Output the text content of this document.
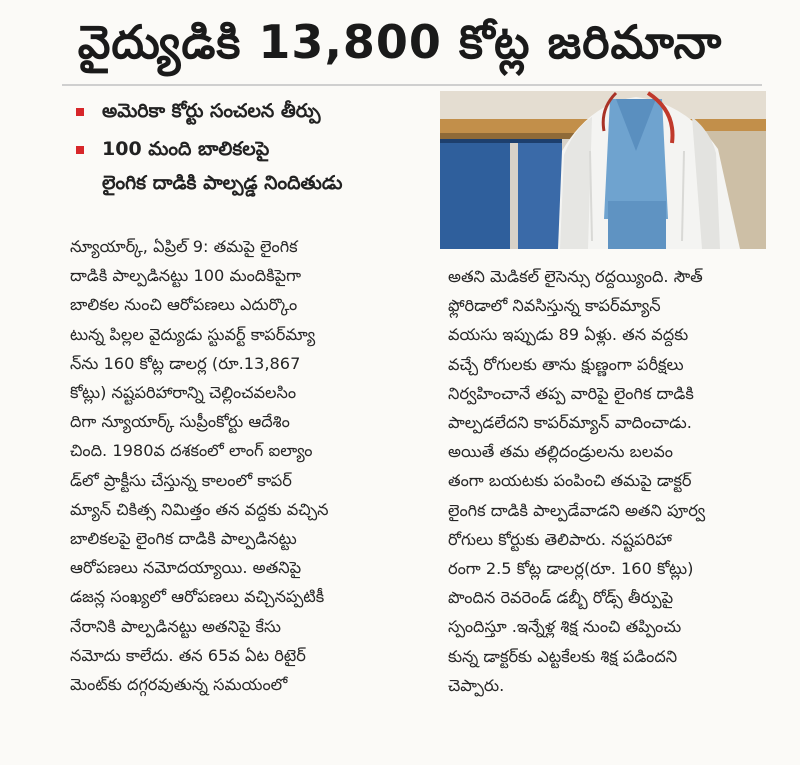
వైద్యుడికి 13,800 కోట్ల జరిమానా
అమెరికా కోర్టు సంచలన తీర్పు
100 మంది బాలికలపై
లైంగిక దాడికి పాల్పడ్డ నిందితుడు
న్యూయార్క్, ఏప్రిల్ 9: తమపై లైంగిక
దాడికి పాల్పడినట్టు 100 మందికిపైగా
బాలికల నుంచి ఆరోపణలు ఎదుర్కొం
టున్న పిల్లల వైద్యుడు స్టువర్ట్ కాపర్‌మ్యా
న్‌ను 160 కోట్ల డాలర్ల (రూ.13,867
కోట్లు) నష్టపరిహారాన్ని చెల్లించవలసిం
దిగా న్యూయార్క్ సుప్రీంకోర్టు ఆదేశిం
చింది. 1980వ దశకంలో లాంగ్ ఐల్యాం
డ్‌లో ప్రాక్టీసు చేస్తున్న కాలంలో కాపర్
మ్యాన్ చికిత్స నిమిత్తం తన వద్దకు వచ్చిన
బాలికలపై లైంగిక దాడికి పాల్పడినట్టు
ఆరోపణలు నమోదయ్యాయి. అతనిపై
డజన్ల సంఖ్యలో ఆరోపణలు వచ్చినప్పటికీ
నేరానికి పాల్పడినట్టు అతనిపై కేసు
నమోదు కాలేదు. తన 65వ ఏట రిటైర్
మెంట్‌కు దగ్గరవుతున్న సమయంలో
అతని మెడికల్ లైసెన్సు రద్దయ్యింది. సౌత్
ఫ్లోరిడాలో నివసిస్తున్న కాపర్‌మ్యాన్
వయసు ఇప్పుడు 89 ఏళ్లు. తన వద్దకు
వచ్చే రోగులకు తాను క్షుణ్ణంగా పరీక్షలు
నిర్వహించానే తప్ప వారిపై లైంగిక దాడికి
పాల్పడలేదని కాపర్‌మ్యాన్ వాదించాడు.
అయితే తమ తల్లిదండ్రులను బలవం
తంగా బయటకు పంపించి తమపై డాక్టర్
లైంగిక దాడికి పాల్పడేవాడని అతని పూర్వ
రోగులు కోర్టుకు తెలిపారు. నష్టపరిహా
రంగా 2.5 కోట్ల డాలర్ల(రూ. 160 కోట్లు)
పొందిన రెవరెండ్ డబ్బీ రోడ్స్ తీర్పుపై
స్పందిస్తూ .ఇన్నేళ్ల శిక్ష నుంచి తప్పించు
కున్న డాక్టర్‌కు ఎట్టకేలకు శిక్ష పడిందని
చెప్పారు.
